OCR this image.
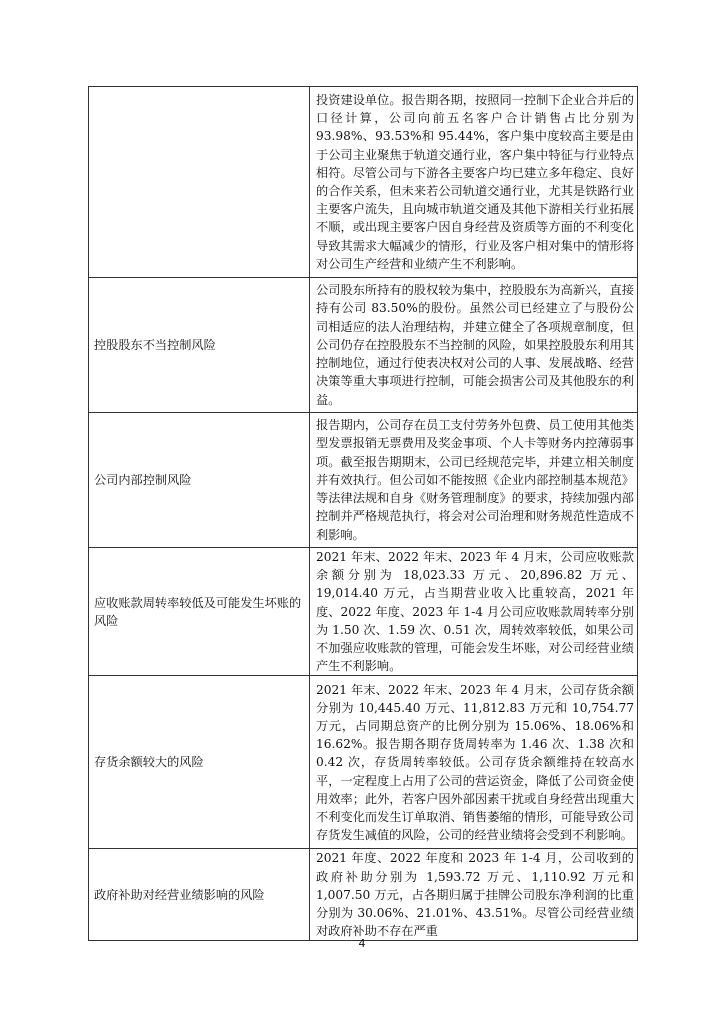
	投资建设单位。报告期各期，按照同一控制下企业合并后的口径计算，公司向前五名客户合计销售占比分别为 93.98%、93.53%和 95.44%，客户集中度较高主要是由于公司主业聚焦于轨道交通行业，客户集中特征与行业特点相符。尽管公司与下游各主要客户均已建立多年稳定、良好的合作关系，但未来若公司轨道交通行业，尤其是铁路行业主要客户流失，且向城市轨道交通及其他下游相关行业拓展不顺，或出现主要客户因自身经营及资质等方面的不利变化导致其需求大幅减少的情形，行业及客户相对集中的情形将对公司生产经营和业绩产生不利影响。
控股股东不当控制风险	公司股东所持有的股权较为集中，控股股东为高新兴，直接持有公司 83.50%的股份。虽然公司已经建立了与股份公司相适应的法人治理结构，并建立健全了各项规章制度，但公司仍存在控股股东不当控制的风险，如果控股股东利用其控制地位，通过行使表决权对公司的人事、发展战略、经营决策等重大事项进行控制，可能会损害公司及其他股东的利益。
公司内部控制风险	报告期内，公司存在员工支付劳务外包费、员工使用其他类型发票报销无票费用及奖金事项、个人卡等财务内控薄弱事项。截至报告期期末，公司已经规范完毕，并建立相关制度并有效执行。但公司如不能按照《企业内部控制基本规范》等法律法规和自身《财务管理制度》的要求，持续加强内部控制并严格规范执行，将会对公司治理和财务规范性造成不利影响。
应收账款周转率较低及可能发生坏账的风险	2021 年末、2022 年末、2023 年 4 月末，公司应收账款余额分别为 18,023.33 万元、20,896.82 万元、19,014.40 万元，占当期营业收入比重较高，2021 年度、2022 年度、2023 年 1-4 月公司应收账款周转率分别为 1.50 次、1.59 次、0.51 次，周转效率较低，如果公司不加强应收账款的管理，可能会发生坏账，对公司经营业绩产生不利影响。
存货余额较大的风险	2021 年末、2022 年末、2023 年 4 月末，公司存货余额分别为 10,445.40 万元、11,812.83 万元和 10,754.77 万元，占同期总资产的比例分别为 15.06%、18.06%和 16.62%。报告期各期存货周转率为 1.46 次、1.38 次和 0.42 次，存货周转率较低。公司存货余额维持在较高水平，一定程度上占用了公司的营运资金，降低了公司资金使用效率；此外，若客户因外部因素干扰或自身经营出现重大不利变化而发生订单取消、销售萎缩的情形，可能导致公司存货发生减值的风险，公司的经营业绩将会受到不利影响。
政府补助对经营业绩影响的风险	2021 年度、2022 年度和 2023 年 1-4 月，公司收到的政府补助分别为 1,593.72 万元、1,110.92 万元和 1,007.50 万元，占各期归属于挂牌公司股东净利润的比重分别为 30.06%、21.01%、43.51%。尽管公司经营业绩对政府补助不存在严重
4
